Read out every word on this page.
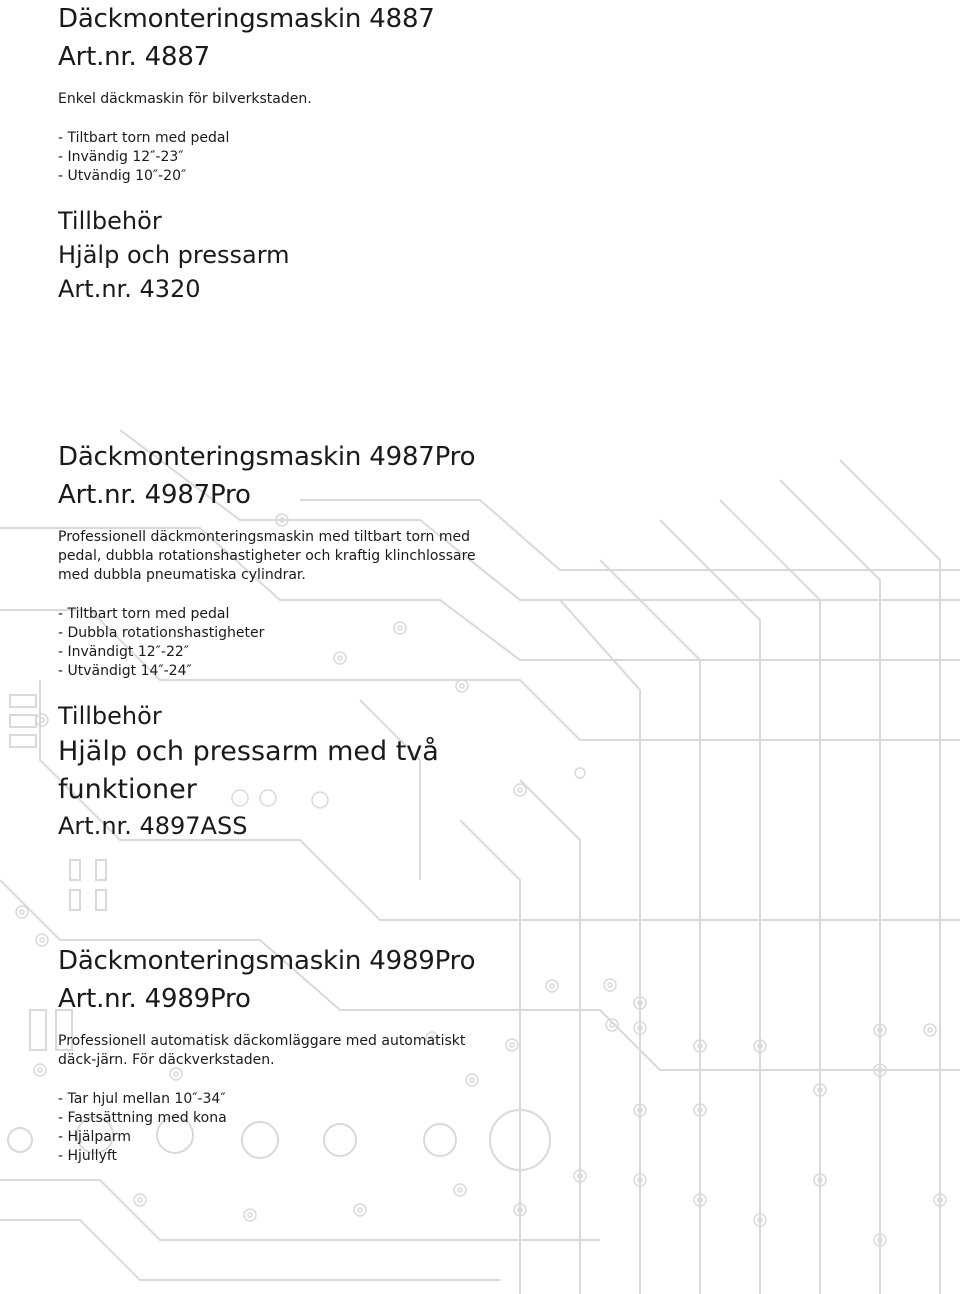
Däckmonteringsmaskin 4887
Art.nr. 4887
Enkel däckmaskin för bilverkstaden.
- Tiltbart torn med pedal
- Invändig 12″-23″
- Utvändig 10″-20″
Tillbehör
Hjälp och pressarm
Art.nr. 4320
Däckmonteringsmaskin 4987Pro
Art.nr. 4987Pro
Professionell däckmonteringsmaskin med tiltbart torn med pedal, dubbla rotationshastigheter och kraftig klinchlossare med dubbla pneumatiska cylindrar.
- Tiltbart torn med pedal
- Dubbla rotationshastigheter
- Invändigt 12″-22″
- Utvändigt 14″-24″
Tillbehör
Hjälp och pressarm med två funktioner
Art.nr. 4897ASS
Däckmonteringsmaskin 4989Pro
Art.nr. 4989Pro
Professionell automatisk däckomläggare med automatiskt däck-järn. För däckverkstaden.
- Tar hjul mellan 10″-34″
- Fastsättning med kona
- Hjälparm
- Hjullyft
